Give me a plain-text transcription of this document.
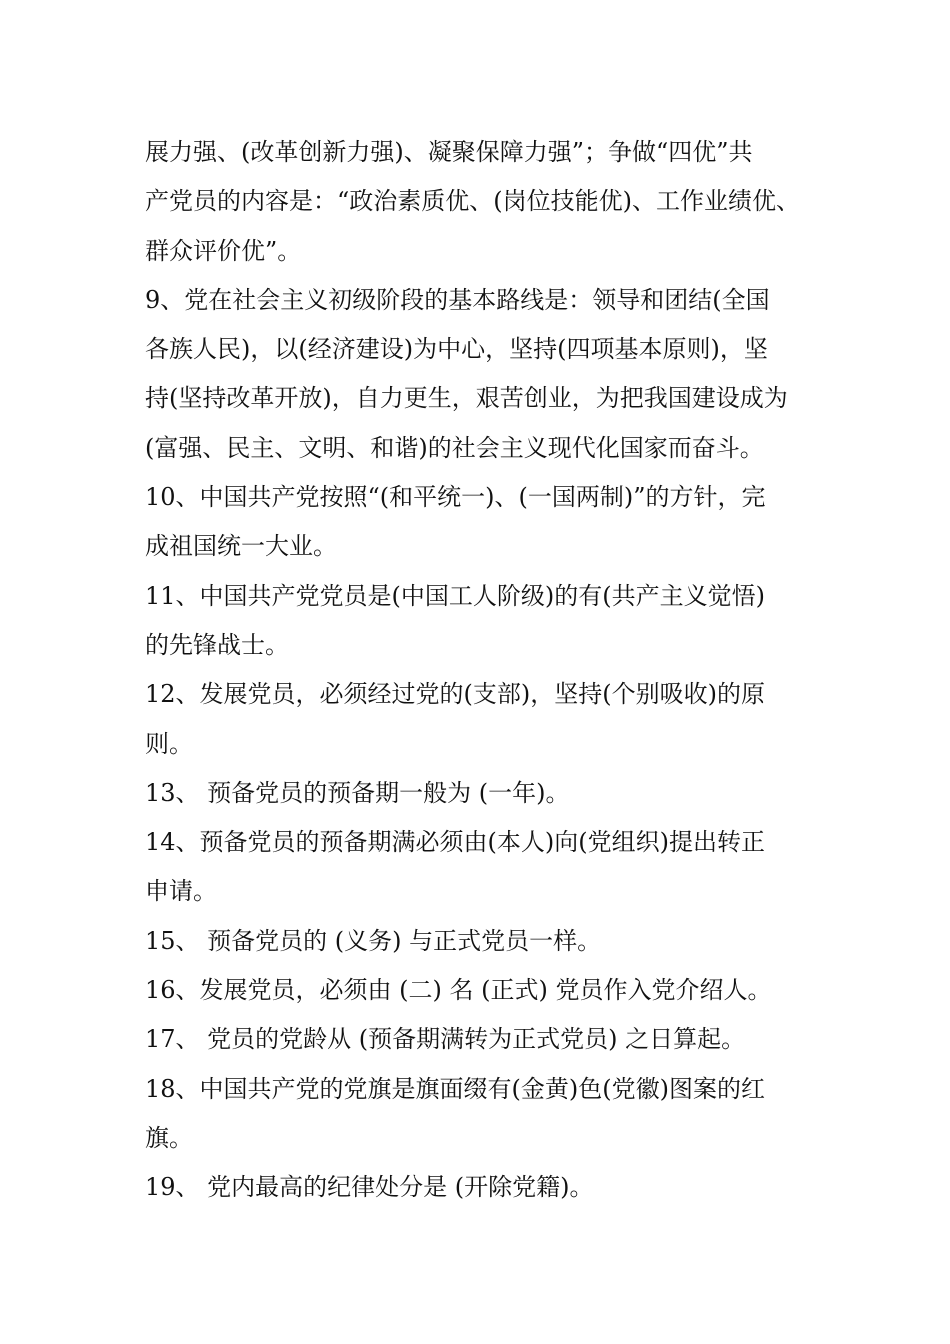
展力强、(改革创新力强)、凝聚保障力强”；争做“四优”共
产党员的内容是：“政治素质优、(岗位技能优)、工作业绩优、
群众评价优”。
9、党在社会主义初级阶段的基本路线是：领导和团结(全国
各族人民)，以(经济建设)为中心，坚持(四项基本原则)，坚
持(坚持改革开放)，自力更生，艰苦创业，为把我国建设成为
(富强、民主、文明、和谐)的社会主义现代化国家而奋斗。
10、中国共产党按照“(和平统一)、(一国两制)”的方针，完
成祖国统一大业。
11、中国共产党党员是(中国工人阶级)的有(共产主义觉悟)
的先锋战士。
12、发展党员，必须经过党的(支部)，坚持(个别吸收)的原
则。
13、 预备党员的预备期一般为 (一年)。
14、预备党员的预备期满必须由(本人)向(党组织)提出转正
申请。
15、 预备党员的 (义务) 与正式党员一样。
16、发展党员，必须由 (二) 名 (正式) 党员作入党介绍人。
17、 党员的党龄从 (预备期满转为正式党员) 之日算起。
18、中国共产党的党旗是旗面缀有(金黄)色(党徽)图案的红
旗。
19、 党内最高的纪律处分是 (开除党籍)。
